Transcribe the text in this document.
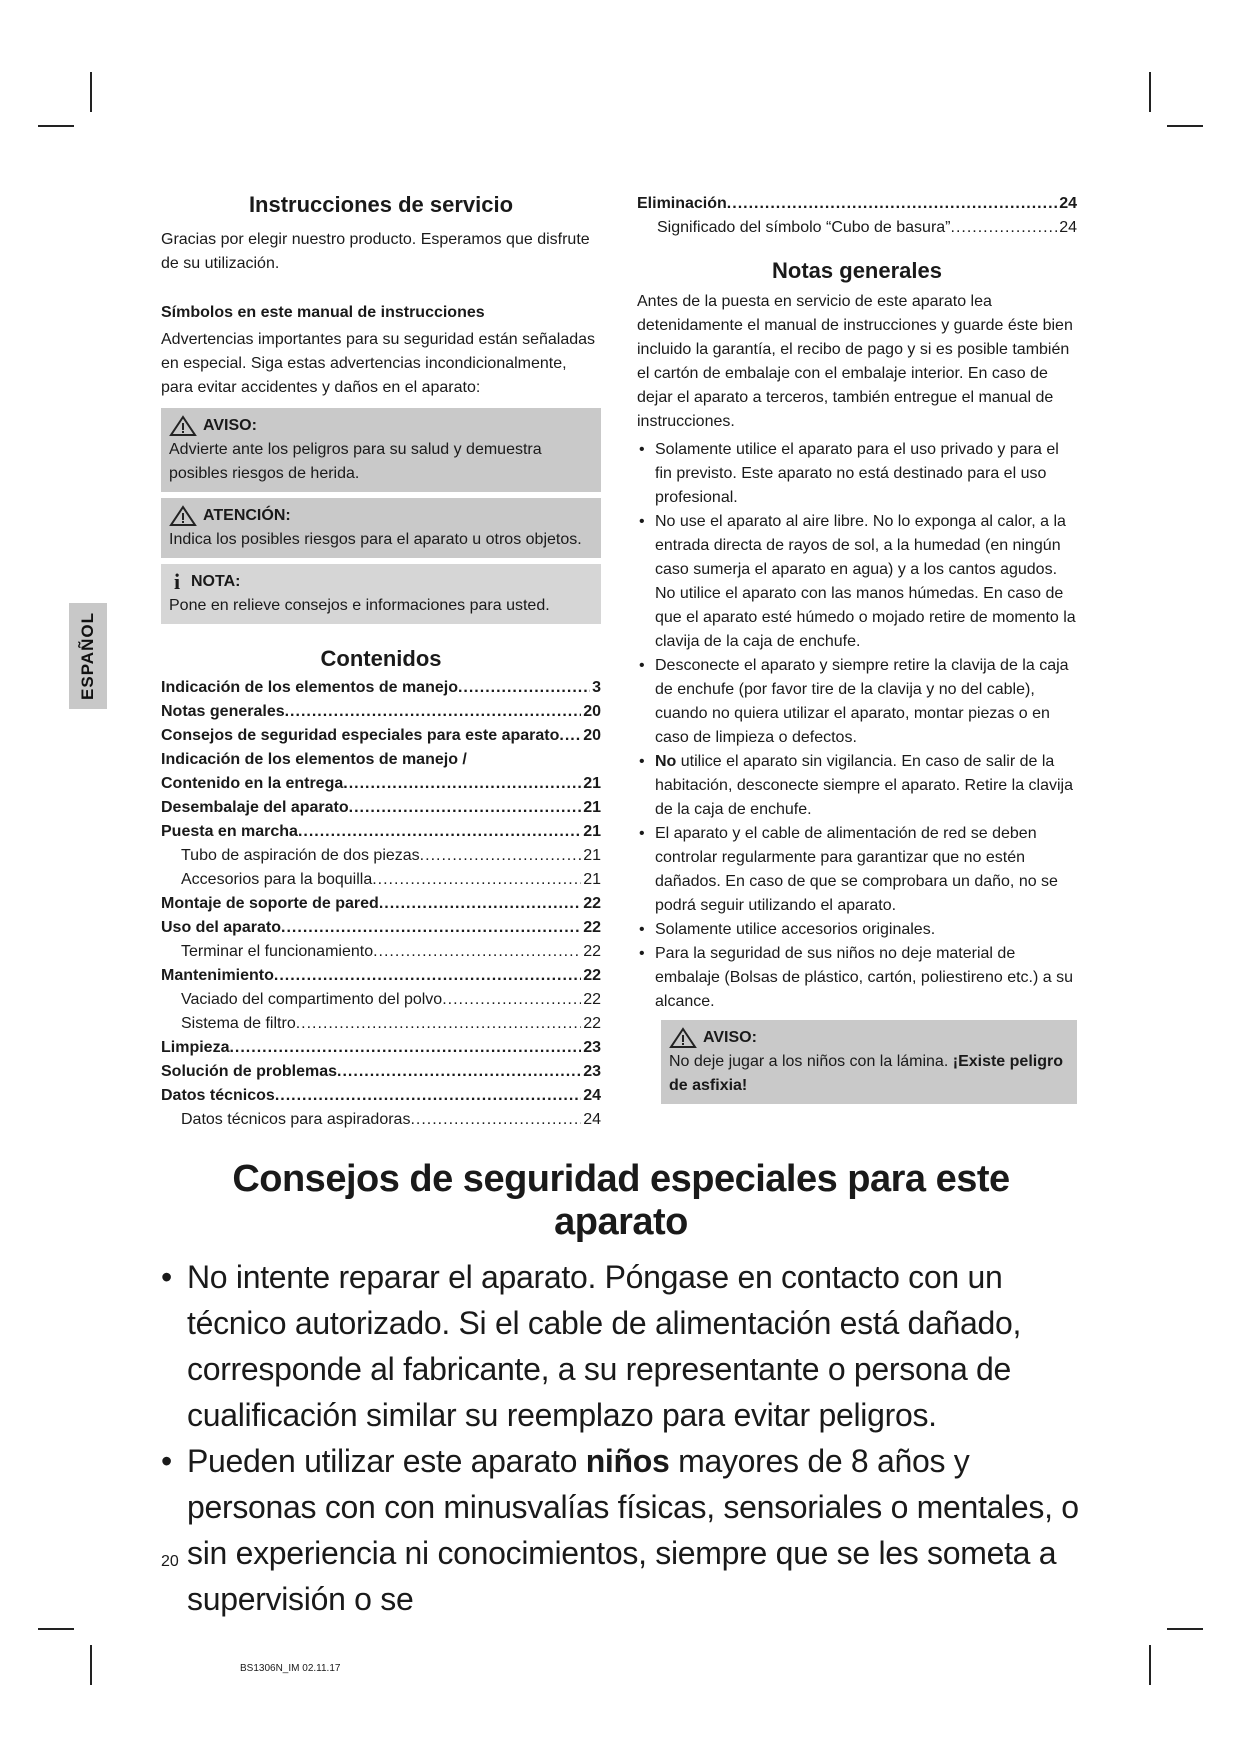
ESPAÑOL
Instrucciones de servicio

Gracias por elegir nuestro producto. Esperamos que disfrute de su utilización.

Símbolos en este manual de instrucciones

Advertencias importantes para su seguridad están señaladas en especial. Siga estas advertencias incondicionalmente, para evitar accidentes y daños en el aparato:

AVISO:
Advierte ante los peligros para su salud y demuestra posibles riesgos de herida.
ATENCIÓN:
Indica los posibles riesgos para el aparato u otros objetos.
i NOTA:
Pone en relieve consejos e informaciones para usted.
Contenidos
Indicación de los elementos de manejo .....	3
Notas generales .....	20
Consejos de seguridad especiales para este aparato ..... 20
Indicación de los elementos de manejo /
Contenido en la entrega .....	21
Desembalaje del aparato .....	21
Puesta en marcha .....	21
Tubo de aspiración de dos piezas .....	21
Accesorios para la boquilla .....	21
Montaje de soporte de pared .....	22
Uso del aparato .....	22
Terminar el funcionamiento .....	22
Mantenimiento .....	22
Vaciado del compartimento del polvo .....	22
Sistema de filtro .....	22
Limpieza .....	23
Solución de problemas .....	23
Datos técnicos .....	24
Datos técnicos para aspiradoras .....	24
Eliminación .....	24
Significado del símbolo “Cubo de basura” .....	24
Notas generales

Antes de la puesta en servicio de este aparato lea detenidamente el manual de instrucciones y guarde éste bien incluido la garantía, el recibo de pago y si es posible también el cartón de embalaje con el embalaje interior. En caso de dejar el aparato a terceros, también entregue el manual de instrucciones.

• Solamente utilice el aparato para el uso privado y para el fin previsto. Este aparato no está destinado para el uso profesional.
• No use el aparato al aire libre. No lo exponga al calor, a la entrada directa de rayos de sol, a la humedad (en ningún caso sumerja el aparato en agua) y a los cantos agudos. No utilice el aparato con las manos húmedas. En caso de que el aparato esté húmedo o mojado retire de momento la clavija de la caja de enchufe.
• Desconecte el aparato y siempre retire la clavija de la caja de enchufe (por favor tire de la clavija y no del cable), cuando no quiera utilizar el aparato, montar piezas o en caso de limpieza o defectos.
• No utilice el aparato sin vigilancia. En caso de salir de la habitación, desconecte siempre el aparato. Retire la clavija de la caja de enchufe.
• El aparato y el cable de alimentación de red se deben controlar regularmente para garantizar que no estén dañados. En caso de que se comprobara un daño, no se podrá seguir utilizando el aparato.
• Solamente utilice accesorios originales.
• Para la seguridad de sus niños no deje material de embalaje (Bolsas de plástico, cartón, poliestireno etc.) a su alcance.
AVISO:
No deje jugar a los niños con la lámina. ¡Existe peligro de asfixia!
Consejos de seguridad especiales para este aparato
• No intente reparar el aparato. Póngase en contacto con un técnico autorizado. Si el cable de alimentación está dañado, corresponde al fabricante, a su representante o persona de cualificación similar su reemplazo para evitar peligros.
• Pueden utilizar este aparato niños mayores de 8 años y personas con con minusvalías físicas, sensoriales o mentales, o sin experiencia ni conocimientos, siempre que se les someta a supervisión o se
20
BS1306N_IM 02.11.17
